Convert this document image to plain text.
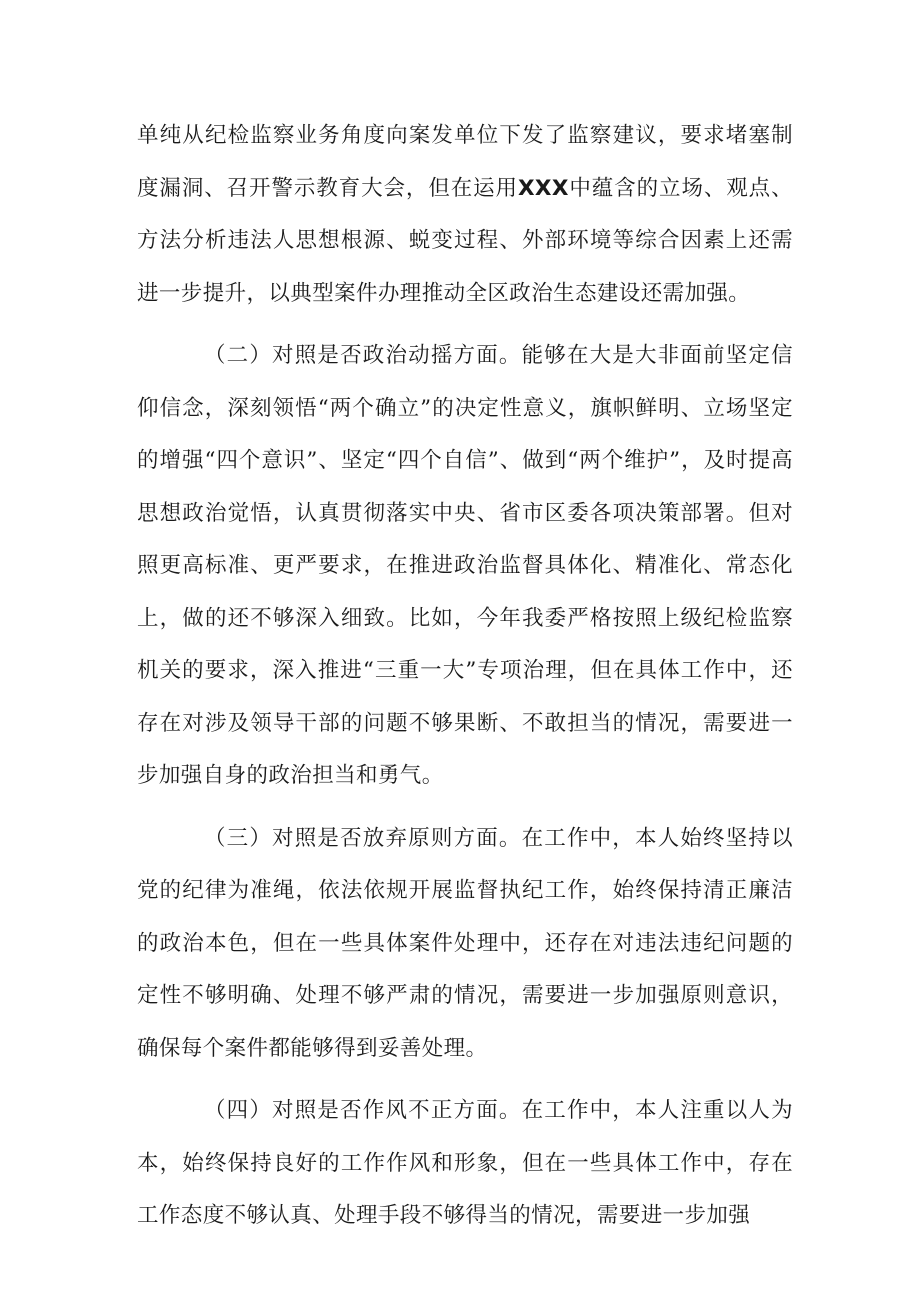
单纯从纪检监察业务角度向案发单位下发了监察建议，要求堵塞制度漏洞、召开警示教育大会，但在运用XXX中蕴含的立场、观点、方法分析违法人思想根源、蜕变过程、外部环境等综合因素上还需进一步提升，以典型案件办理推动全区政治生态建设还需加强。

（二）对照是否政治动摇方面。能够在大是大非面前坚定信仰信念，深刻领悟“两个确立”的决定性意义，旗帜鲜明、立场坚定的增强“四个意识”、坚定“四个自信”、做到“两个维护”，及时提高思想政治觉悟，认真贯彻落实中央、省市区委各项决策部署。但对照更高标准、更严要求，在推进政治监督具体化、精准化、常态化上，做的还不够深入细致。比如，今年我委严格按照上级纪检监察机关的要求，深入推进“三重一大”专项治理，但在具体工作中，还存在对涉及领导干部的问题不够果断、不敢担当的情况，需要进一步加强自身的政治担当和勇气。

（三）对照是否放弃原则方面。在工作中，本人始终坚持以党的纪律为准绳，依法依规开展监督执纪工作，始终保持清正廉洁的政治本色，但在一些具体案件处理中，还存在对违法违纪问题的定性不够明确、处理不够严肃的情况，需要进一步加强原则意识，确保每个案件都能够得到妥善处理。

（四）对照是否作风不正方面。在工作中，本人注重以人为本，始终保持良好的工作作风和形象，但在一些具体工作中，存在工作态度不够认真、处理手段不够得当的情况，需要进一步加强
